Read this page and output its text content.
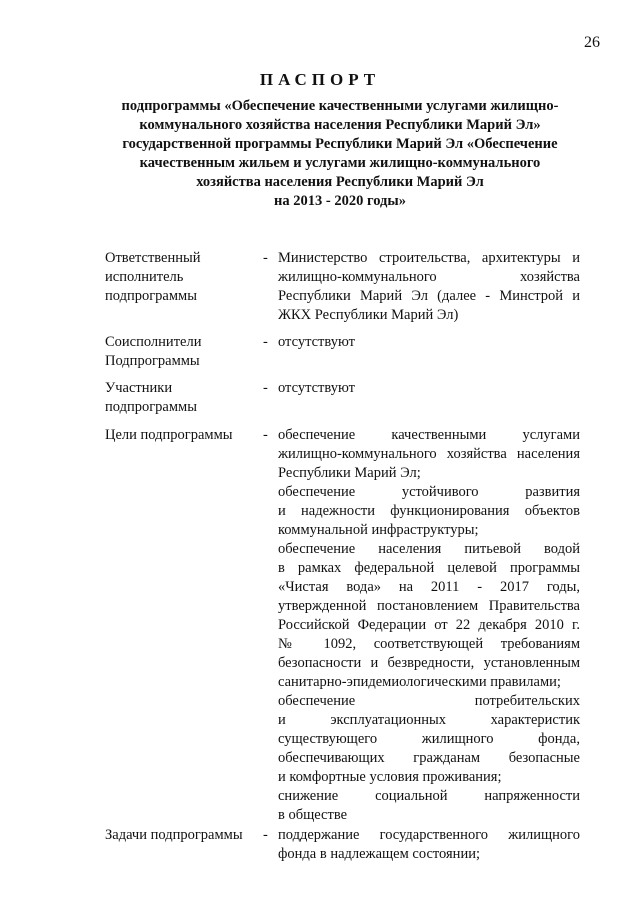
26
ПАСПОРТ
подпрограммы «Обеспечение качественными услугами жилищно-
коммунального хозяйства населения Республики Марий Эл»
государственной программы Республики Марий Эл «Обеспечение
качественным жильем и услугами жилищно-коммунального
хозяйства населения Республики Марий Эл
на 2013 - 2020 годы»
Ответственный
исполнитель
подпрограммы
- Министерство строительства, архитектуры и
жилищно-коммунального хозяйства
Республики Марий Эл (далее - Минстрой и
ЖКХ Республики Марий Эл)
Соисполнители
Подпрограммы
- отсутствуют
Участники
подпрограммы
- отсутствуют
Цели подпрограммы	- обеспечение качественными услугами
жилищно-коммунального хозяйства населения
Республики Марий Эл;
обеспечение устойчивого развития
и надежности функционирования объектов
коммунальной инфраструктуры;
обеспечение населения питьевой водой
в рамках федеральной целевой программы
«Чистая вода» на 2011 - 2017 годы,
утвержденной постановлением Правительства
Российской Федерации от 22 декабря 2010 г.
№ 1092, соответствующей требованиям
безопасности и безвредности, установленным
санитарно-эпидемиологическими правилами;
обеспечение потребительских
и эксплуатационных характеристик
существующего жилищного фонда,
обеспечивающих гражданам безопасные
и комфортные условия проживания;
снижение социальной напряженности
в обществе
Задачи подпрограммы	- поддержание государственного жилищного
фонда в надлежащем состоянии;
